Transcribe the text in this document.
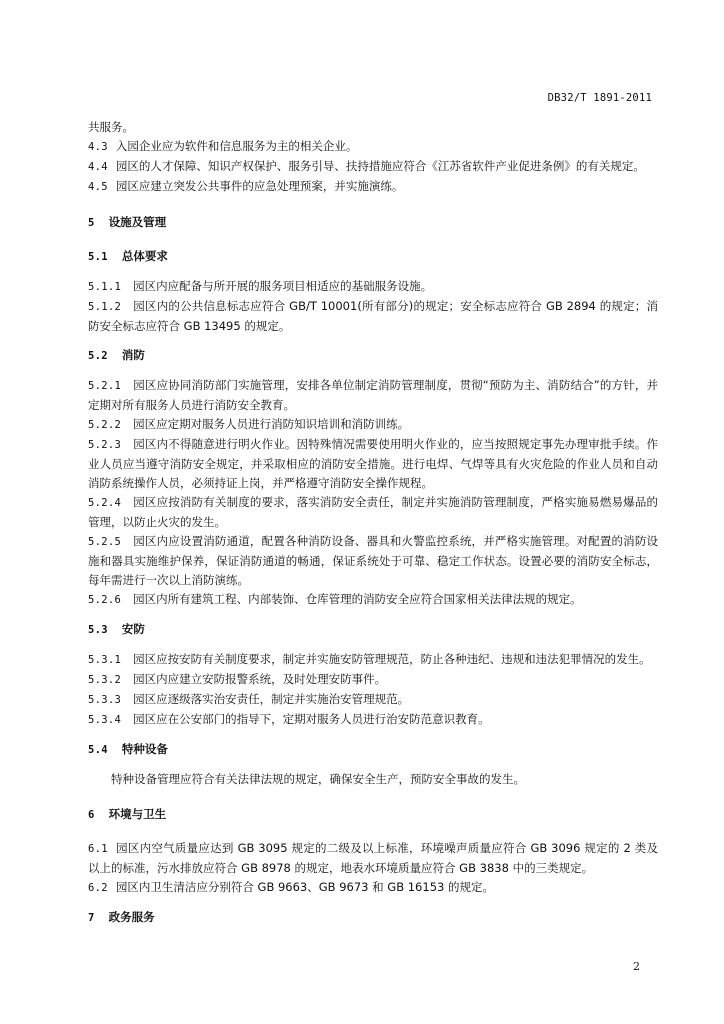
DB32/T 1891-2011

共服务。

4.3 入园企业应为软件和信息服务为主的相关企业。

4.4 园区的人才保障、知识产权保护、服务引导、扶持措施应符合《江苏省软件产业促进条例》的有关规定。

4.5 园区应建立突发公共事件的应急处理预案，并实施演练。

5 设施及管理

5.1 总体要求

5.1.1 园区内应配备与所开展的服务项目相适应的基础服务设施。

5.1.2 园区内的公共信息标志应符合 GB/T 10001(所有部分)的规定；安全标志应符合 GB 2894 的规定；消防安全标志应符合 GB 13495 的规定。

5.2 消防

5.2.1 园区应协同消防部门实施管理，安排各单位制定消防管理制度，贯彻“预防为主、消防结合”的方针，并定期对所有服务人员进行消防安全教育。

5.2.2 园区应定期对服务人员进行消防知识培训和消防训练。

5.2.3 园区内不得随意进行明火作业。因特殊情况需要使用明火作业的，应当按照规定事先办理审批手续。作业人员应当遵守消防安全规定，并采取相应的消防安全措施。进行电焊、气焊等具有火灾危险的作业人员和自动消防系统操作人员，必须持证上岗，并严格遵守消防安全操作规程。

5.2.4 园区应按消防有关制度的要求，落实消防安全责任，制定并实施消防管理制度，严格实施易燃易爆品的管理，以防止火灾的发生。

5.2.5 园区内应设置消防通道，配置各种消防设备、器具和火警监控系统，并严格实施管理。对配置的消防设施和器具实施维护保养，保证消防通道的畅通，保证系统处于可靠、稳定工作状态。设置必要的消防安全标志，每年需进行一次以上消防演练。

5.2.6 园区内所有建筑工程、内部装饰、仓库管理的消防安全应符合国家相关法律法规的规定。

5.3 安防

5.3.1 园区应按安防有关制度要求，制定并实施安防管理规范，防止各种违纪、违规和违法犯罪情况的发生。

5.3.2 园区内应建立安防报警系统，及时处理安防事件。

5.3.3 园区应逐级落实治安责任，制定并实施治安管理规范。

5.3.4 园区应在公安部门的指导下，定期对服务人员进行治安防范意识教育。

5.4 特种设备

特种设备管理应符合有关法律法规的规定，确保安全生产，预防安全事故的发生。

6 环境与卫生

6.1 园区内空气质量应达到 GB 3095 规定的二级及以上标准，环境噪声质量应符合 GB 3096 规定的 2 类及以上的标准，污水排放应符合 GB 8978 的规定，地表水环境质量应符合 GB 3838 中的三类规定。

6.2 园区内卫生清洁应分别符合 GB 9663、GB 9673 和 GB 16153 的规定。

7 政务服务

2
